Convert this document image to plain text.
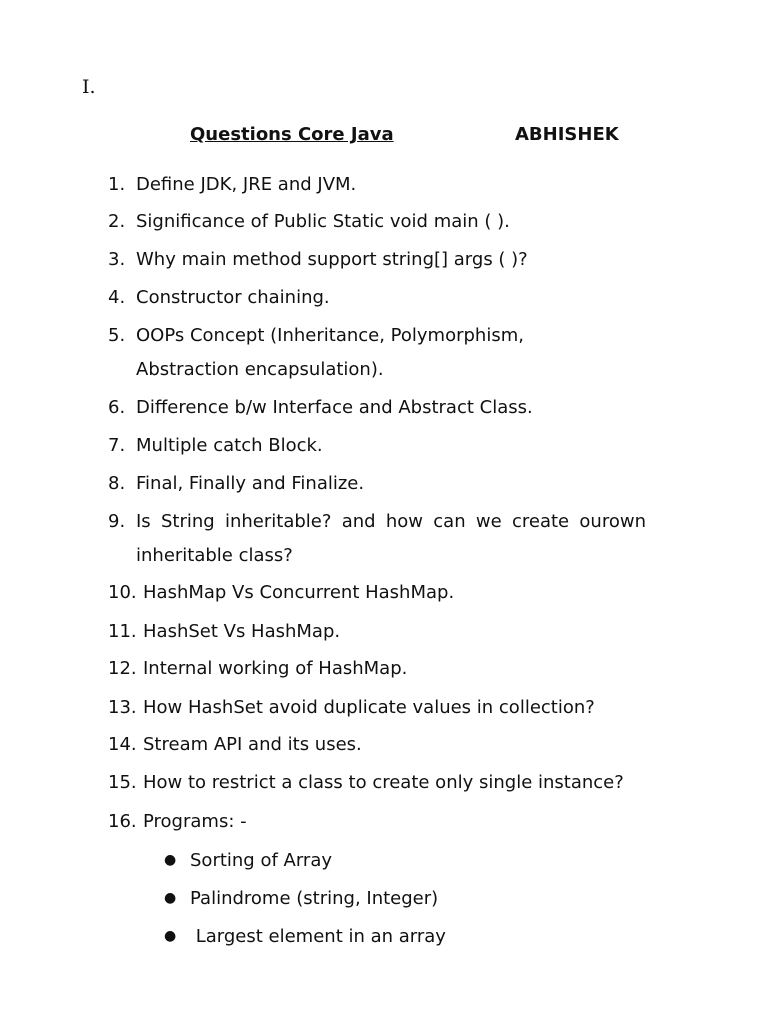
I.
Questions Core Java	ABHISHEK
1. Define JDK, JRE and JVM.
2. Significance of Public Static void main ( ).
3. Why main method support string[] args ( )?
4. Constructor chaining.
5. OOPs Concept (Inheritance, Polymorphism,
Abstraction encapsulation).
6. Difference b/w Interface and Abstract Class.
7. Multiple catch Block.
8. Final, Finally and Finalize.
9. Is String inheritable? and how can we create ourown
inheritable class?
10. HashMap Vs Concurrent HashMap.
11. HashSet Vs HashMap.
12. Internal working of HashMap.
13. How HashSet avoid duplicate values in collection?
14. Stream API and its uses.
15. How to restrict a class to create only single instance?
16. Programs: -
● Sorting of Array
● Palindrome (string, Integer)
● Largest element in an array
